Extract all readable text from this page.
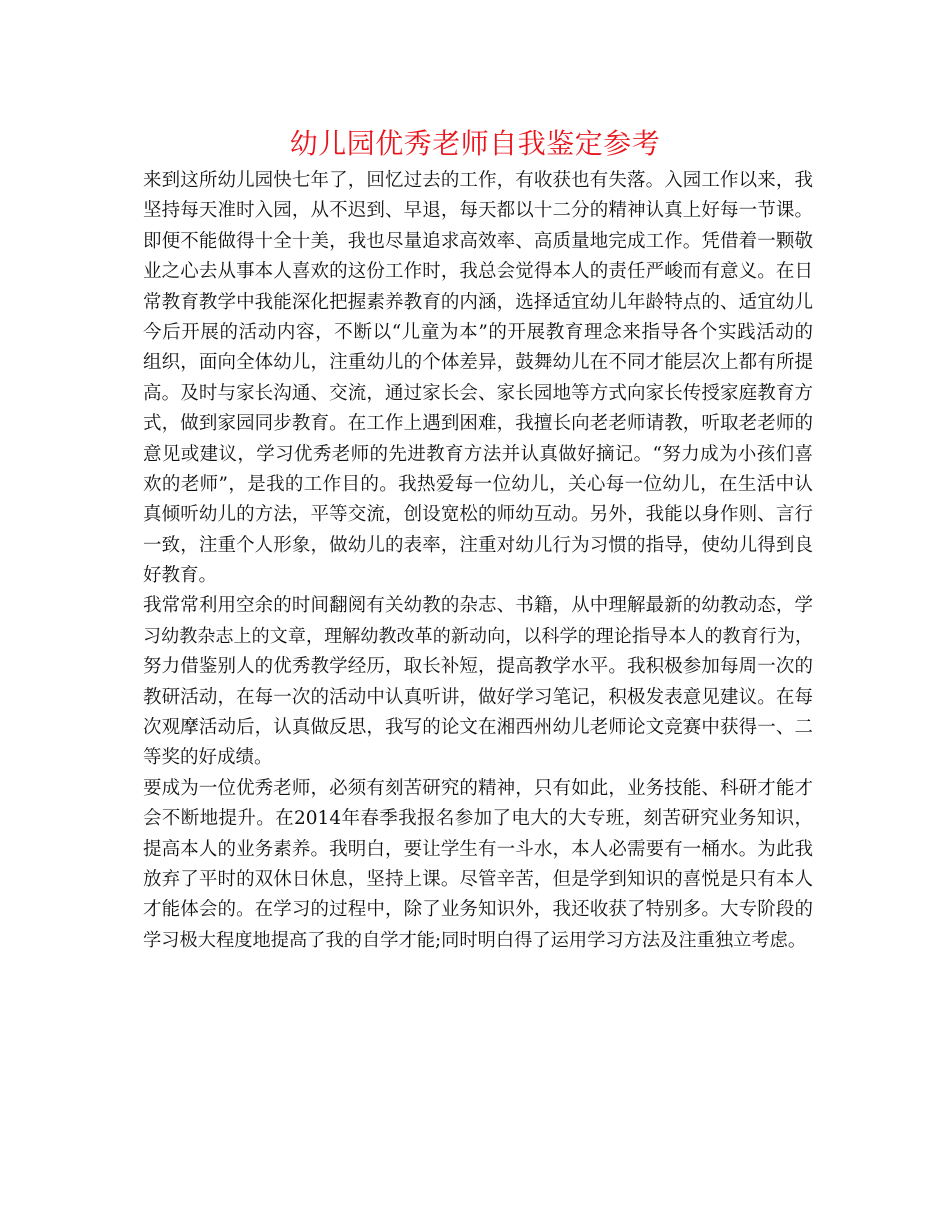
幼儿园优秀老师自我鉴定参考
来到这所幼儿园快七年了，回忆过去的工作，有收获也有失落。入园工作以来，我
坚持每天准时入园，从不迟到、早退，每天都以十二分的精神认真上好每一节课。
即便不能做得十全十美，我也尽量追求高效率、高质量地完成工作。凭借着一颗敬
业之心去从事本人喜欢的这份工作时，我总会觉得本人的责任严峻而有意义。在日
常教育教学中我能深化把握素养教育的内涵，选择适宜幼儿年龄特点的、适宜幼儿
今后开展的活动内容，不断以“儿童为本”的开展教育理念来指导各个实践活动的
组织，面向全体幼儿，注重幼儿的个体差异，鼓舞幼儿在不同才能层次上都有所提
高。及时与家长沟通、交流，通过家长会、家长园地等方式向家长传授家庭教育方
式，做到家园同步教育。在工作上遇到困难，我擅长向老老师请教，听取老老师的
意见或建议，学习优秀老师的先进教育方法并认真做好摘记。“努力成为小孩们喜
欢的老师”，是我的工作目的。我热爱每一位幼儿，关心每一位幼儿，在生活中认
真倾听幼儿的方法，平等交流，创设宽松的师幼互动。另外，我能以身作则、言行
一致，注重个人形象，做幼儿的表率，注重对幼儿行为习惯的指导，使幼儿得到良
好教育。
我常常利用空余的时间翻阅有关幼教的杂志、书籍，从中理解最新的幼教动态，学
习幼教杂志上的文章，理解幼教改革的新动向，以科学的理论指导本人的教育行为，
努力借鉴别人的优秀教学经历，取长补短，提高教学水平。我积极参加每周一次的
教研活动，在每一次的活动中认真听讲，做好学习笔记，积极发表意见建议。在每
次观摩活动后，认真做反思，我写的论文在湘西州幼儿老师论文竞赛中获得一、二
等奖的好成绩。
要成为一位优秀老师，必须有刻苦研究的精神，只有如此，业务技能、科研才能才
会不断地提升。在2014年春季我报名参加了电大的大专班，刻苦研究业务知识，
提高本人的业务素养。我明白，要让学生有一斗水，本人必需要有一桶水。为此我
放弃了平时的双休日休息，坚持上课。尽管辛苦，但是学到知识的喜悦是只有本人
才能体会的。在学习的过程中，除了业务知识外，我还收获了特别多。大专阶段的
学习极大程度地提高了我的自学才能;同时明白得了运用学习方法及注重独立考虑。
